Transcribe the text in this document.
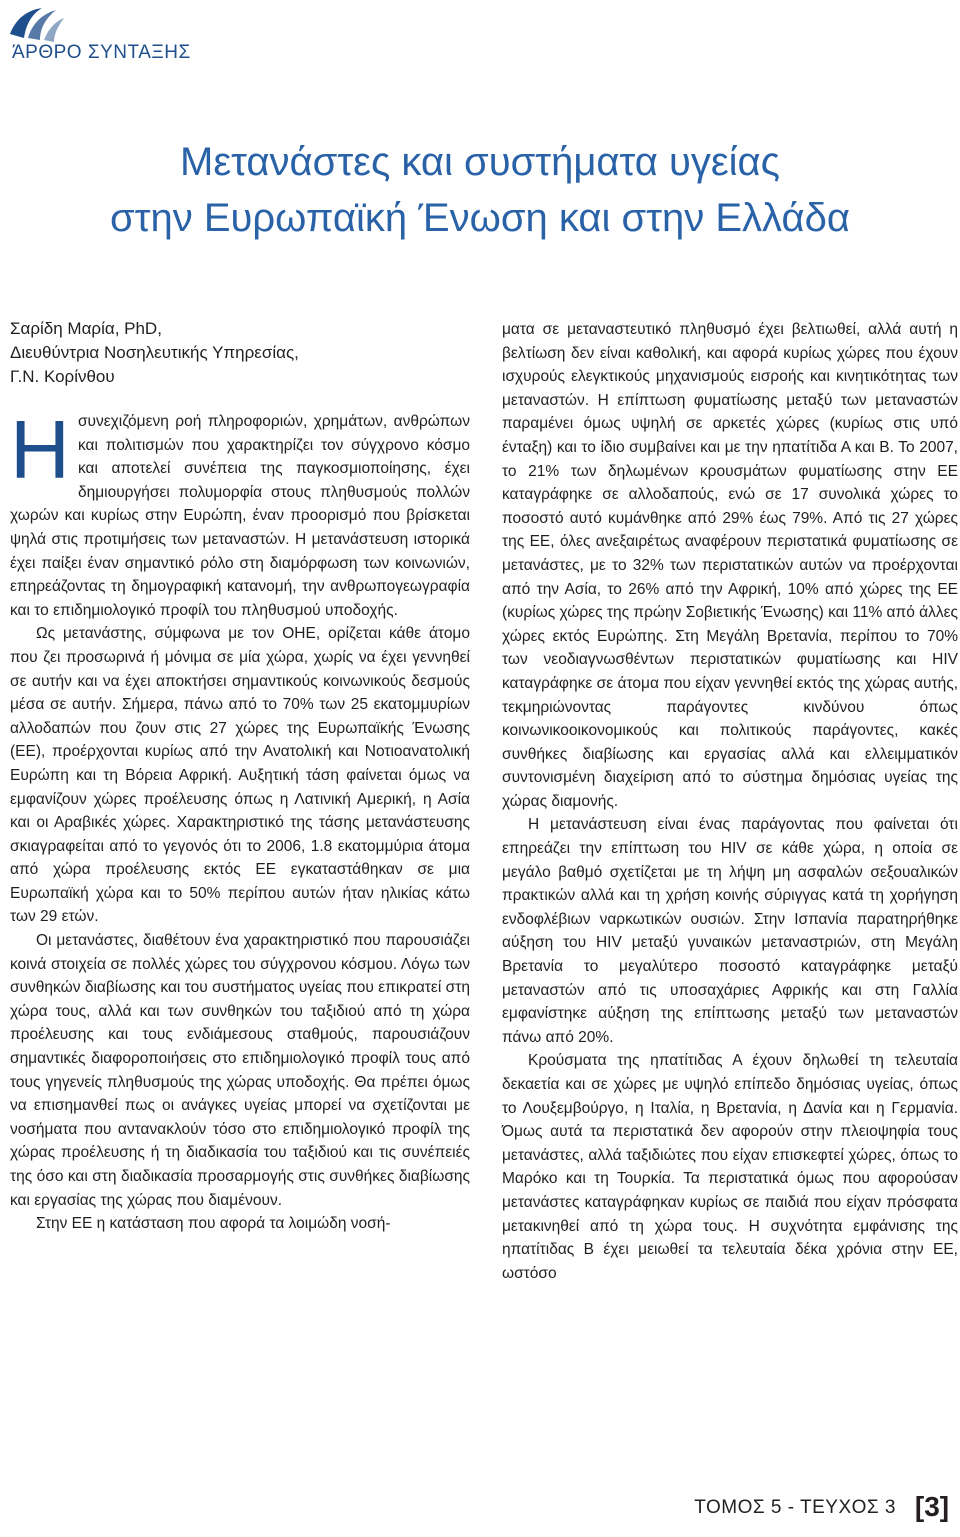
ΆΡΘΡΟ ΣΥΝΤΑΞΗΣ
Μετανάστες και συστήματα υγείας
στην Ευρωπαϊκή Ένωση και στην Ελλάδα
Σαρίδη Μαρία, PhD,
Διευθύντρια Νοσηλευτικής Υπηρεσίας,
Γ.Ν. Κορίνθου

Ησυνεχιζόμενη ροή πληροφοριών, χρημάτων, ανθρώπων και πολιτισμών που χαρακτηρίζει τον σύγχρονο κόσμο και αποτελεί συνέπεια της παγκοσμιοποίησης, έχει δημιουργήσει πολυμορφία στους πληθυσμούς πολλών χωρών και κυρίως στην Ευρώπη, έναν προορισμό που βρίσκεται ψηλά στις προτιμήσεις των μεταναστών. Η μετανάστευση ιστορικά έχει παίξει έναν σημαντικό ρόλο στη διαμόρφωση των κοινωνιών, επηρεάζοντας τη δημογραφική κατανομή, την ανθρωπογεωγραφία και το επιδημιολογικό προφίλ του πληθυσμού υποδοχής.

Ως μετανάστης, σύμφωνα με τον ΟΗΕ, ορίζεται κάθε άτομο που ζει προσωρινά ή μόνιμα σε μία χώρα, χωρίς να έχει γεννηθεί σε αυτήν και να έχει αποκτήσει σημαντικούς κοινωνικούς δεσμούς μέσα σε αυτήν. Σήμερα, πάνω από το 70% των 25 εκατομμυρίων αλλοδαπών που ζουν στις 27 χώρες της Ευρωπαϊκής Ένωσης (ΕΕ), προέρχονται κυρίως από την Ανατολική και Νοτιοανατολική Ευρώπη και τη Βόρεια Αφρική. Αυξητική τάση φαίνεται όμως να εμφανίζουν χώρες προέλευσης όπως η Λατινική Αμερική, η Ασία και οι Αραβικές χώρες. Χαρακτηριστικό της τάσης μετανάστευσης σκιαγραφείται από το γεγονός ότι το 2006, 1.8 εκατομμύρια άτομα από χώρα προέλευσης εκτός ΕΕ εγκαταστάθηκαν σε μια Ευρωπαϊκή χώρα και το 50% περίπου αυτών ήταν ηλικίας κάτω των 29 ετών.

Οι μετανάστες, διαθέτουν ένα χαρακτηριστικό που παρουσιάζει κοινά στοιχεία σε πολλές χώρες του σύγχρονου κόσμου. Λόγω των συνθηκών διαβίωσης και του συστήματος υγείας που επικρατεί στη χώρα τους, αλλά και των συνθηκών του ταξιδιού από τη χώρα προέλευσης και τους ενδιάμεσους σταθμούς, παρουσιάζουν σημαντικές διαφοροποιήσεις στο επιδημιολογικό προφίλ τους από τους γηγενείς πληθυσμούς της χώρας υποδοχής. Θα πρέπει όμως να επισημανθεί πως οι ανάγκες υγείας μπορεί να σχετίζονται με νοσήματα που αντανακλούν τόσο στο επιδημιολογικό προφίλ της χώρας προέλευσης ή τη διαδικασία του ταξιδιού και τις συνέπειές της όσο και στη διαδικασία προσαρμογής στις συνθήκες διαβίωσης και εργασίας της χώρας που διαμένουν.

Στην ΕΕ η κατάσταση που αφορά τα λοιμώδη νοσή-

ματα σε μεταναστευτικό πληθυσμό έχει βελτιωθεί, αλλά αυτή η βελτίωση δεν είναι καθολική, και αφορά κυρίως χώρες που έχουν ισχυρούς ελεγκτικούς μηχανισμούς εισροής και κινητικότητας των μεταναστών. Η επίπτωση φυματίωσης μεταξύ των μεταναστών παραμένει όμως υψηλή σε αρκετές χώρες (κυρίως στις υπό ένταξη) και το ίδιο συμβαίνει και με την ηπατίτιδα Α και Β. Το 2007, το 21% των δηλωμένων κρουσμάτων φυματίωσης στην ΕΕ καταγράφηκε σε αλλοδαπούς, ενώ σε 17 συνολικά χώρες το ποσοστό αυτό κυμάνθηκε από 29% έως 79%. Από τις 27 χώρες της ΕΕ, όλες ανεξαιρέτως αναφέρουν περιστατικά φυματίωσης σε μετανάστες, με το 32% των περιστατικών αυτών να προέρχονται από την Ασία, το 26% από την Αφρική, 10% από χώρες της ΕΕ (κυρίως χώρες της πρώην Σοβιετικής Ένωσης) και 11% από άλλες χώρες εκτός Ευρώπης. Στη Μεγάλη Βρετανία, περίπου το 70% των νεοδιαγνωσθέντων περιστατικών φυματίωσης και HIV καταγράφηκε σε άτομα που είχαν γεννηθεί εκτός της χώρας αυτής, τεκμηριώνοντας παράγοντες κινδύνου όπως κοινωνικοοικονομικούς και πολιτικούς παράγοντες, κακές συνθήκες διαβίωσης και εργασίας αλλά και ελλειμματικόν συντονισμένη διαχείριση από το σύστημα δημόσιας υγείας της χώρας διαμονής.

Η μετανάστευση είναι ένας παράγοντας που φαίνεται ότι επηρεάζει την επίπτωση του HIV σε κάθε χώρα, η οποία σε μεγάλο βαθμό σχετίζεται με τη λήψη μη ασφαλών σεξουαλικών πρακτικών αλλά και τη χρήση κοινής σύριγγας κατά τη χορήγηση ενδοφλέβιων ναρκωτικών ουσιών. Στην Ισπανία παρατηρήθηκε αύξηση του HIV μεταξύ γυναικών μεταναστριών, στη Μεγάλη Βρετανία το μεγαλύτερο ποσοστό καταγράφηκε μεταξύ μεταναστών από τις υποσαχάριες Αφρικής και στη Γαλλία εμφανίστηκε αύξηση της επίπτωσης μεταξύ των μεταναστών πάνω από 20%.

Κρούσματα της ηπατίτιδας Α έχουν δηλωθεί τη τελευταία δεκαετία και σε χώρες με υψηλό επίπεδο δημόσιας υγείας, όπως το Λουξεμβούργο, η Ιταλία, η Βρετανία, η Δανία και η Γερμανία. Όμως αυτά τα περιστατικά δεν αφορούν στην πλειοψηφία τους μετανάστες, αλλά ταξιδιώτες που είχαν επισκεφτεί χώρες, όπως το Μαρόκο και τη Τουρκία. Τα περιστατικά όμως που αφορούσαν μετανάστες καταγράφηκαν κυρίως σε παιδιά που είχαν πρόσφατα μετακινηθεί από τη χώρα τους. Η συχνότητα εμφάνισης της ηπατίτιδας Β έχει μειωθεί τα τελευταία δέκα χρόνια στην ΕΕ, ωστόσο

ΤΟΜΟΣ 5 - ΤΕΥΧΟΣ 3 [3]
